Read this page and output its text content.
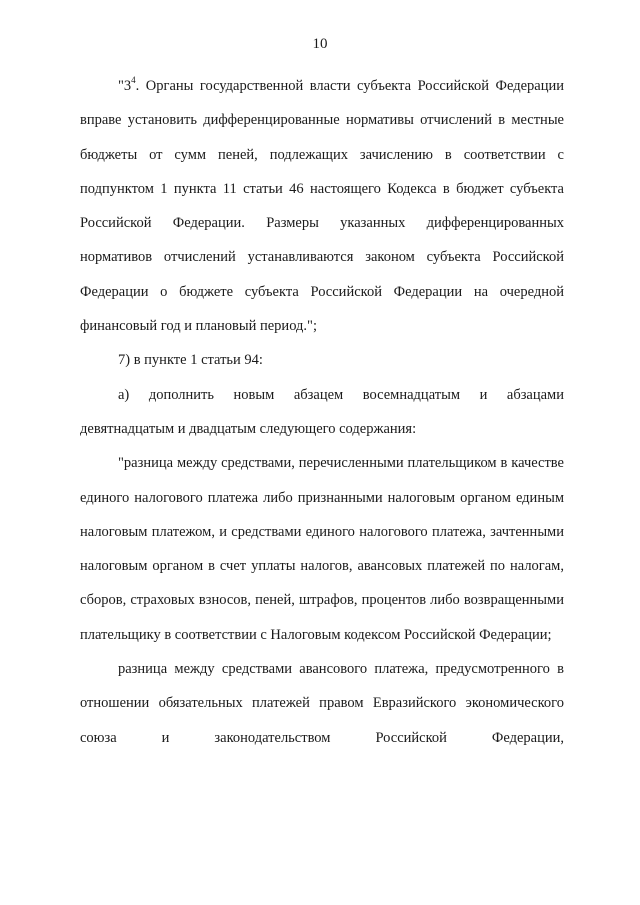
10

"$3^4$. Органы государственной власти субъекта Российской Федерации вправе установить дифференцированные нормативы отчислений в местные бюджеты от сумм пеней, подлежащих зачислению в соответствии с подпунктом 1 пункта 11 статьи 46 настоящего Кодекса в бюджет субъекта Российской Федерации. Размеры указанных дифференцированных нормативов отчислений устанавливаются законом субъекта Российской Федерации о бюджете субъекта Российской Федерации на очередной финансовый год и плановый период.";

7) в пункте 1 статьи 94:

а) дополнить новым абзацем восемнадцатым и абзацами девятнадцатым и двадцатым следующего содержания:

"разница между средствами, перечисленными плательщиком в качестве единого налогового платежа либо признанными налоговым органом единым налоговым платежом, и средствами единого налогового платежа, зачтенными налоговым органом в счет уплаты налогов, авансовых платежей по налогам, сборов, страховых взносов, пеней, штрафов, процентов либо возвращенными плательщику в соответствии с Налоговым кодексом Российской Федерации;

разница между средствами авансового платежа, предусмотренного в отношении обязательных платежей правом Евразийского экономического союза и законодательством Российской Федерации,
